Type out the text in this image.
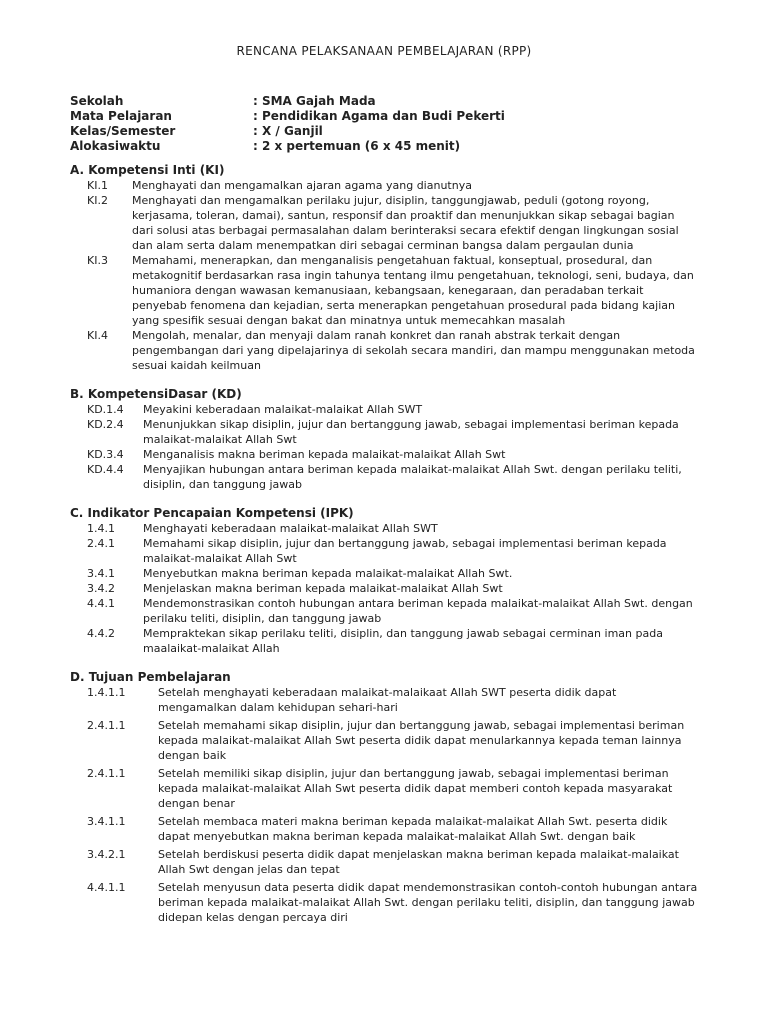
RENCANA PELAKSANAAN PEMBELAJARAN (RPP)
Sekolah	: SMA Gajah Mada
Mata Pelajaran	: Pendidikan Agama dan Budi Pekerti
Kelas/Semester	: X / Ganjil
Alokasiwaktu	: 2 x pertemuan (6 x 45 menit)
A. Kompetensi Inti (KI)
KI.1	Menghayati dan mengamalkan ajaran agama yang dianutnya
KI.2	Menghayati dan mengamalkan perilaku jujur, disiplin, tanggungjawab, peduli (gotong royong, kerjasama, toleran, damai), santun, responsif dan proaktif dan menunjukkan sikap sebagai bagian dari solusi atas berbagai permasalahan dalam berinteraksi secara efektif dengan lingkungan sosial dan alam serta dalam menempatkan diri sebagai cerminan bangsa dalam pergaulan dunia
KI.3	Memahami, menerapkan, dan menganalisis pengetahuan faktual, konseptual, prosedural, dan metakognitif berdasarkan rasa ingin tahunya tentang ilmu pengetahuan, teknologi, seni, budaya, dan humaniora dengan wawasan kemanusiaan, kebangsaan, kenegaraan, dan peradaban terkait penyebab fenomena dan kejadian, serta menerapkan pengetahuan prosedural pada bidang kajian yang spesifik sesuai dengan bakat dan minatnya untuk memecahkan masalah
KI.4	Mengolah, menalar, dan menyaji dalam ranah konkret dan ranah abstrak terkait dengan pengembangan dari yang dipelajarinya di sekolah secara mandiri, dan mampu menggunakan metoda sesuai kaidah keilmuan
B. KompetensiDasar (KD)
KD.1.4	Meyakini keberadaan malaikat-malaikat Allah SWT
KD.2.4	Menunjukkan sikap disiplin, jujur dan bertanggung jawab, sebagai implementasi beriman kepada malaikat-malaikat Allah Swt
KD.3.4	Menganalisis makna beriman kepada malaikat-malaikat Allah Swt
KD.4.4	Menyajikan hubungan antara beriman kepada malaikat-malaikat Allah Swt. dengan perilaku teliti, disiplin, dan tanggung jawab
C. Indikator Pencapaian Kompetensi (IPK)
1.4.1	Menghayati keberadaan malaikat-malaikat Allah SWT
2.4.1	Memahami sikap disiplin, jujur dan bertanggung jawab, sebagai implementasi beriman kepada malaikat-malaikat Allah Swt
3.4.1	Menyebutkan makna beriman kepada malaikat-malaikat Allah Swt.
3.4.2	Menjelaskan makna beriman kepada malaikat-malaikat Allah Swt
4.4.1	Mendemonstrasikan contoh hubungan antara beriman kepada malaikat-malaikat Allah Swt. dengan perilaku teliti, disiplin, dan tanggung jawab
4.4.2	Mempraktekan sikap perilaku teliti, disiplin, dan tanggung jawab sebagai cerminan iman pada maalaikat-malaikat Allah
D. Tujuan Pembelajaran
1.4.1.1	Setelah menghayati keberadaan malaikat-malaikaat Allah SWT peserta didik dapat mengamalkan dalam kehidupan sehari-hari
2.4.1.1	Setelah memahami sikap disiplin, jujur dan bertanggung jawab, sebagai implementasi beriman kepada malaikat-malaikat Allah Swt peserta didik dapat menularkannya kepada teman lainnya dengan baik
2.4.1.1	Setelah memiliki sikap disiplin, jujur dan bertanggung jawab, sebagai implementasi beriman kepada malaikat-malaikat Allah Swt peserta didik dapat memberi contoh kepada masyarakat dengan benar
3.4.1.1	Setelah membaca materi makna beriman kepada malaikat-malaikat Allah Swt. peserta didik dapat menyebutkan makna beriman kepada malaikat-malaikat Allah Swt. dengan baik
3.4.2.1	Setelah berdiskusi peserta didik dapat menjelaskan makna beriman kepada malaikat-malaikat Allah Swt dengan jelas dan tepat
4.4.1.1	Setelah menyusun data peserta didik dapat mendemonstrasikan contoh-contoh hubungan antara beriman kepada malaikat-malaikat Allah Swt. dengan perilaku teliti, disiplin, dan tanggung jawab didepan kelas dengan percaya diri
